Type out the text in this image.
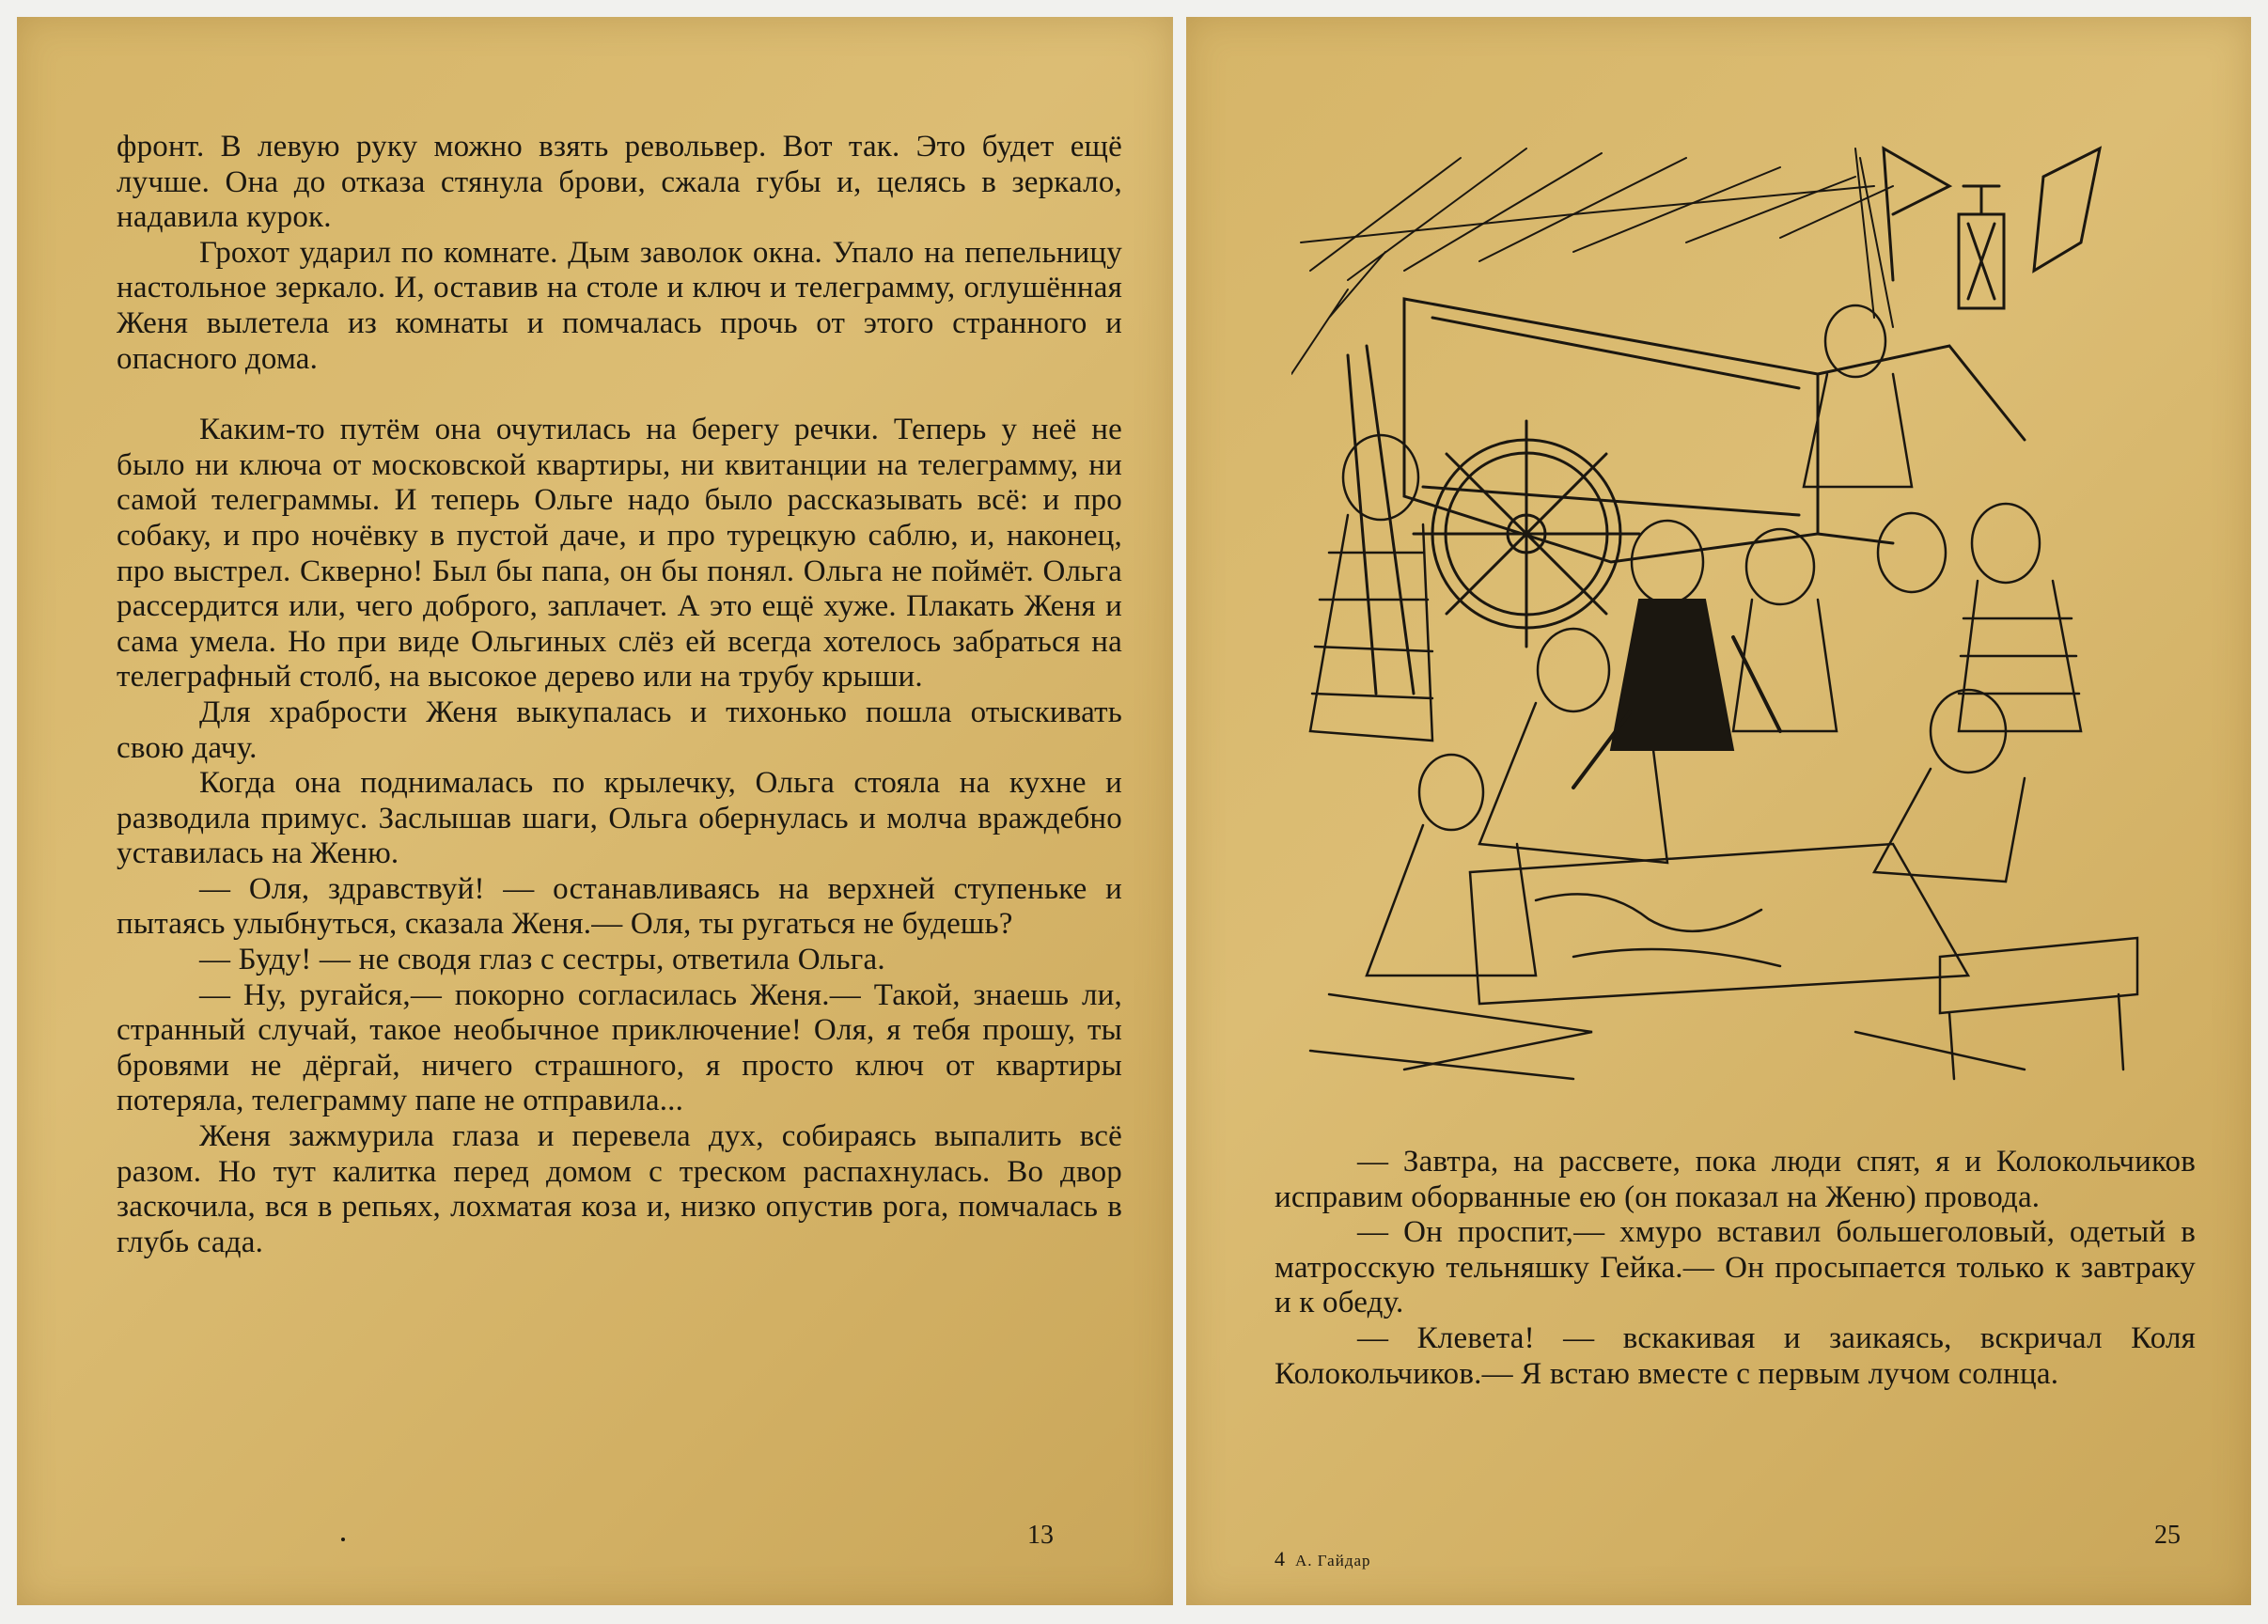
фронт. В левую руку можно взять револьвер. Вот так. Это будет ещё лучше. Она до отказа стянула брови, сжала губы и, целясь в зеркало, надавила курок.

Грохот ударил по комнате. Дым заволок окна. Упало на пепельницу настольное зеркало. И, оставив на столе и ключ и телеграмму, оглушённая Женя вылетела из комнаты и помчалась прочь от этого странного и опасного дома.

Каким-то путём она очутилась на берегу речки. Теперь у неё не было ни ключа от московской квартиры, ни квитанции на телеграмму, ни самой телеграммы. И теперь Ольге надо было рассказывать всё: и про собаку, и про ночёвку в пустой даче, и про турецкую саблю, и, наконец, про выстрел. Скверно! Был бы папа, он бы понял. Ольга не поймёт. Ольга рассердится или, чего доброго, заплачет. А это ещё хуже. Плакать Женя и сама умела. Но при виде Ольгиных слёз ей всегда хотелось забраться на телеграфный столб, на высокое дерево или на трубу крыши.

Для храбрости Женя выкупалась и тихонько пошла отыскивать свою дачу.

Когда она поднималась по крылечку, Ольга стояла на кухне и разводила примус. Заслышав шаги, Ольга обернулась и молча враждебно уставилась на Женю.

— Оля, здравствуй! — останавливаясь на верхней ступеньке и пытаясь улыбнуться, сказала Женя.— Оля, ты ругаться не будешь?

— Буду! — не сводя глаз с сестры, ответила Ольга.

— Ну, ругайся,— покорно согласилась Женя.— Такой, знаешь ли, странный случай, такое необычное приключение! Оля, я тебя прошу, ты бровями не дёргай, ничего страшного, я просто ключ от квартиры потеряла, телеграмму папе не отправила...

Женя зажмурила глаза и перевела дух, собираясь выпалить всё разом. Но тут калитка перед домом с треском распахнулась. Во двор заскочила, вся в репьях, лохматая коза и, низко опустив рога, помчалась в глубь сада.

13

— Завтра, на рассвете, пока люди спят, я и Колокольчиков исправим оборванные ею (он показал на Женю) провода.

— Он проспит,— хмуро вставил большеголовый, одетый в матросскую тельняшку Гейка.— Он просыпается только к завтраку и к обеду.

— Клевета! — вскакивая и заикаясь, вскричал Коля Колокольчиков.— Я встаю вместе с первым лучом солнца.

4 А. Гайдар
25
